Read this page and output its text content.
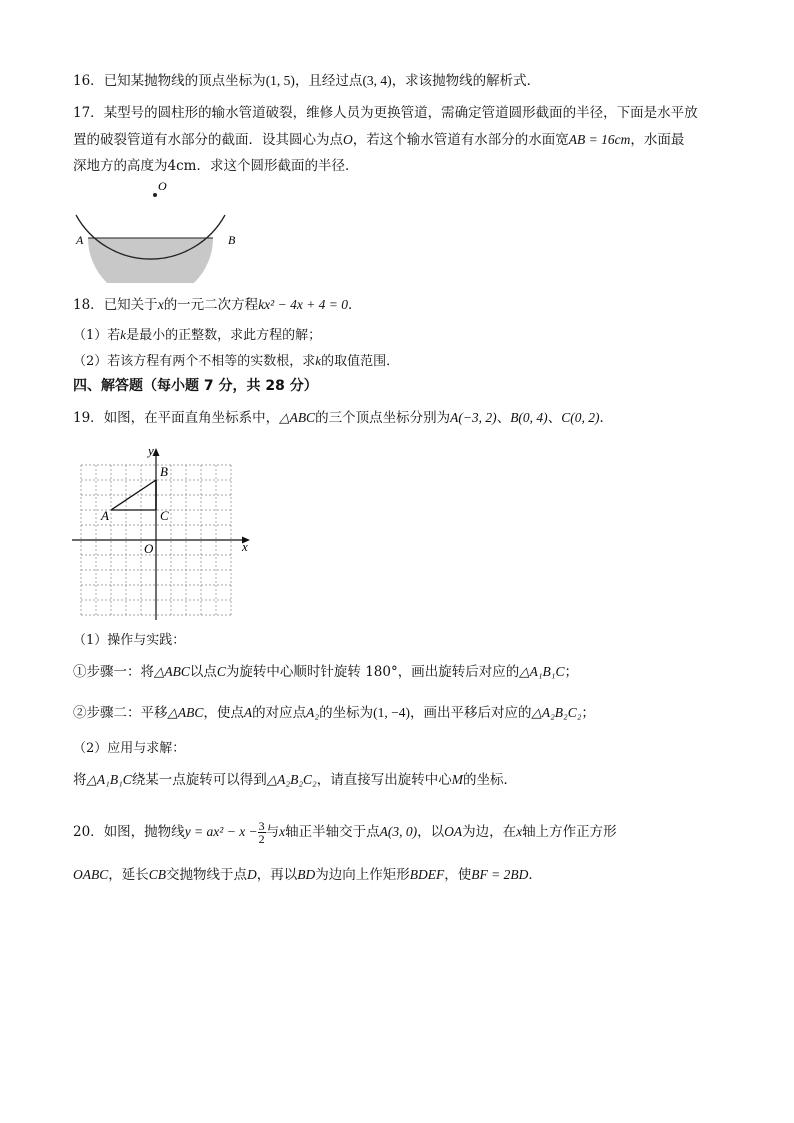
16．已知某抛物线的顶点坐标为(1, 5)，且经过点(3, 4)，求该抛物线的解析式．
17．某型号的圆柱形的输水管道破裂，维修人员为更换管道，需确定管道圆形截面的半径，下面是水平放
置的破裂管道有水部分的截面．设其圆心为点O，若这个输水管道有水部分的水面宽AB = 16cm，水面最
深地方的高度为4cm．求这个圆形截面的半径．
O
A	B
18．已知关于x的一元二次方程kx² − 4x + 4 = 0．
（1）若k是最小的正整数，求此方程的解；
（2）若该方程有两个不相等的实数根，求k的取值范围．
四、解答题（每小题 7 分，共 28 分）
19．如图，在平面直角坐标系中，△ABC的三个顶点坐标分别为A(−3, 2)、B(0, 4)、C(0, 2)．
y
x
O
A
B
C
（1）操作与实践：
①步骤一：将△ABC以点C为旋转中心顺时针旋转 180°，画出旋转后对应的△A₁B₁C；
②步骤二：平移△ABC，使点A的对应点A₂的坐标为(1, −4)，画出平移后对应的△A₂B₂C₂；
（2）应用与求解：
将△A₁B₁C绕某一点旋转可以得到△A₂B₂C₂，请直接写出旋转中心M的坐标．
20．如图，抛物线$y = ax^2 - x - \frac{3}{2}$ 与x轴正半轴交于点A(3, 0)，以OA为边，在x轴上方作正方形
OABC，延长CB交抛物线于点D，再以BD为边向上作矩形BDEF，使BF = 2BD．
